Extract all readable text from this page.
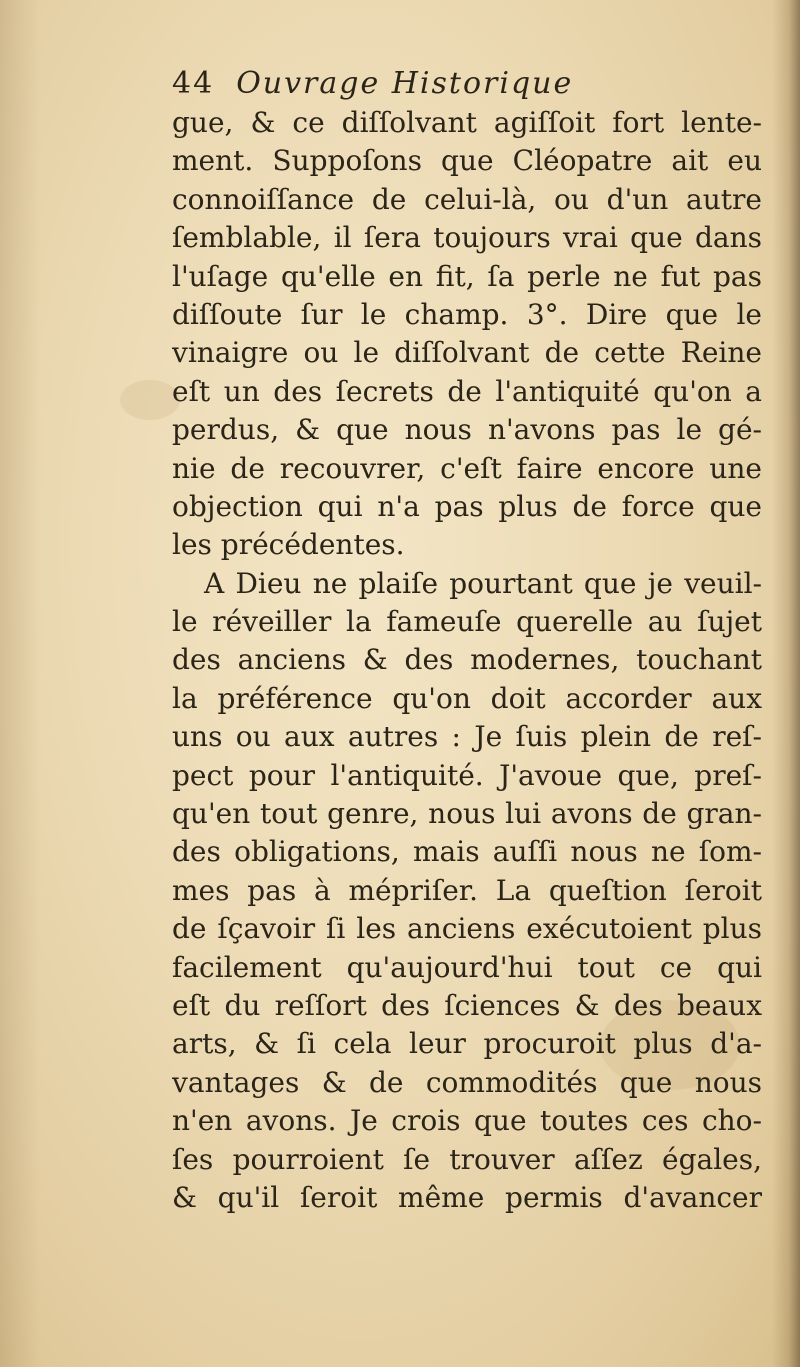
44 Ouvrage Historique
gue, & ce diſſolvant agiſſoit fort lente-
ment. Suppoſons que Cléopatre ait eu
connoiſſance de celui-là, ou d'un autre
ſemblable, il ſera toujours vrai que dans
l'uſage qu'elle en fit, ſa perle ne fut pas
diſſoute ſur le champ. 3°. Dire que le
vinaigre ou le diſſolvant de cette Reine
eſt un des ſecrets de l'antiquité qu'on a
perdus, & que nous n'avons pas le gé-
nie de recouvrer, c'eſt faire encore une
objection qui n'a pas plus de force que
les précédentes.
A Dieu ne plaiſe pourtant que je veuil-
le réveiller la fameuſe querelle au ſujet
des anciens & des modernes, touchant
la préférence qu'on doit accorder aux
uns ou aux autres : Je ſuis plein de reſ-
pect pour l'antiquité. J'avoue que, preſ-
qu'en tout genre, nous lui avons de gran-
des obligations, mais auſſi nous ne ſom-
mes pas à mépriſer. La queſtion ſeroit
de ſçavoir ſi les anciens exécutoient plus
facilement qu'aujourd'hui tout ce qui
eſt du reſſort des ſciences & des beaux
arts, & ſi cela leur procuroit plus d'a-
vantages & de commodités que nous
n'en avons. Je crois que toutes ces cho-
ſes pourroient ſe trouver aſſez égales,
& qu'il ſeroit même permis d'avancer
